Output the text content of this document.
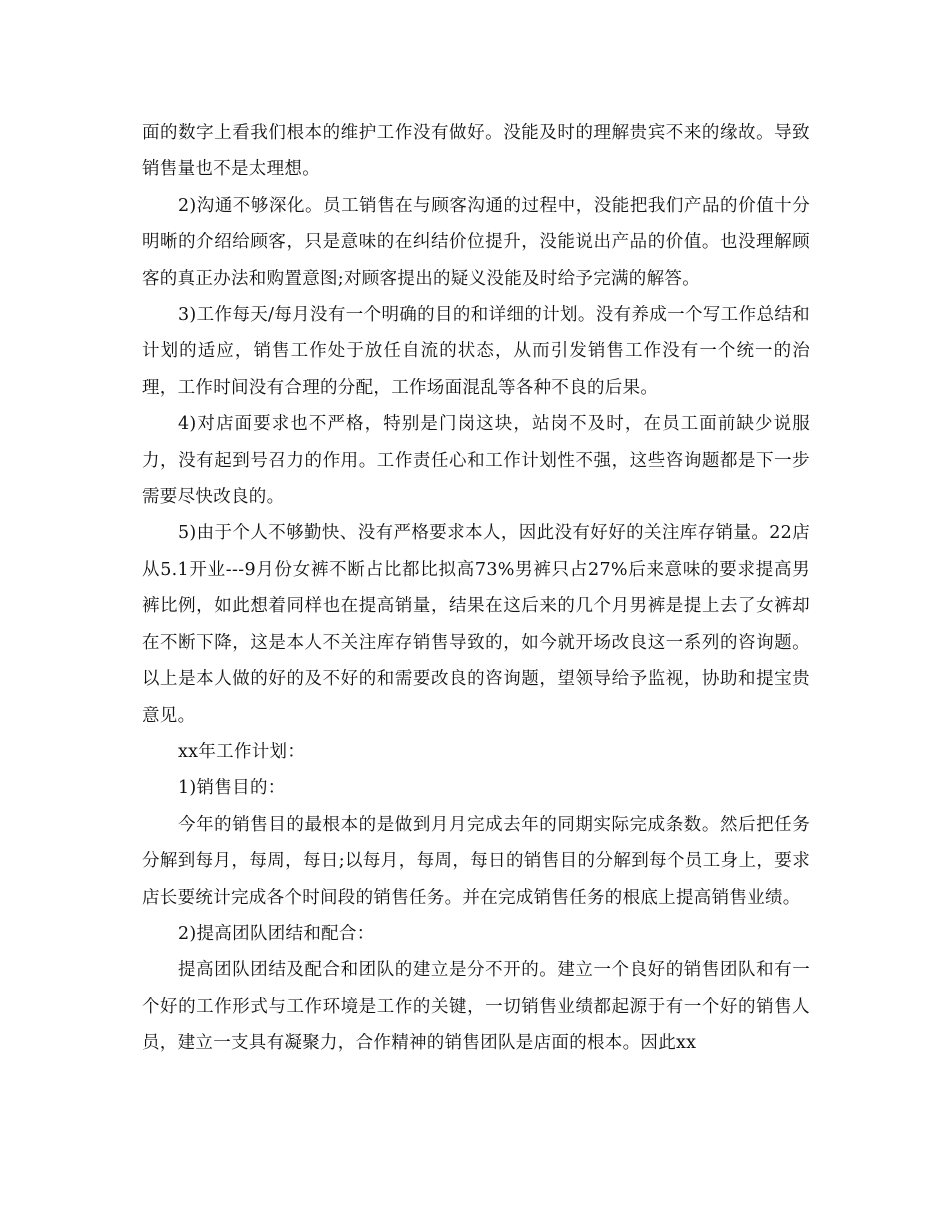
面的数字上看我们根本的维护工作没有做好。没能及时的理解贵宾不来的缘故。导致销售量也不是太理想。

2)沟通不够深化。员工销售在与顾客沟通的过程中，没能把我们产品的价值十分明晰的介绍给顾客，只是意味的在纠结价位提升，没能说出产品的价值。也没理解顾客的真正办法和购置意图;对顾客提出的疑义没能及时给予完满的解答。

3)工作每天/每月没有一个明确的目的和详细的计划。没有养成一个写工作总结和计划的适应，销售工作处于放任自流的状态，从而引发销售工作没有一个统一的治理，工作时间没有合理的分配，工作场面混乱等各种不良的后果。

4)对店面要求也不严格，特别是门岗这块，站岗不及时，在员工面前缺少说服力，没有起到号召力的作用。工作责任心和工作计划性不强，这些咨询题都是下一步需要尽快改良的。

5)由于个人不够勤快、没有严格要求本人，因此没有好好的关注库存销量。22店从5.1开业---9月份女裤不断占比都比拟高73%男裤只占27%后来意味的要求提高男裤比例，如此想着同样也在提高销量，结果在这后来的几个月男裤是提上去了女裤却在不断下降，这是本人不关注库存销售导致的，如今就开场改良这一系列的咨询题。以上是本人做的好的及不好的和需要改良的咨询题，望领导给予监视，协助和提宝贵意见。

xx年工作计划：

1)销售目的：

今年的销售目的最根本的是做到月月完成去年的同期实际完成条数。然后把任务分解到每月，每周，每日;以每月，每周，每日的销售目的分解到每个员工身上，要求店长要统计完成各个时间段的销售任务。并在完成销售任务的根底上提高销售业绩。

2)提高团队团结和配合：

提高团队团结及配合和团队的建立是分不开的。建立一个良好的销售团队和有一个好的工作形式与工作环境是工作的关键，一切销售业绩都起源于有一个好的销售人员，建立一支具有凝聚力，合作精神的销售团队是店面的根本。因此xx
